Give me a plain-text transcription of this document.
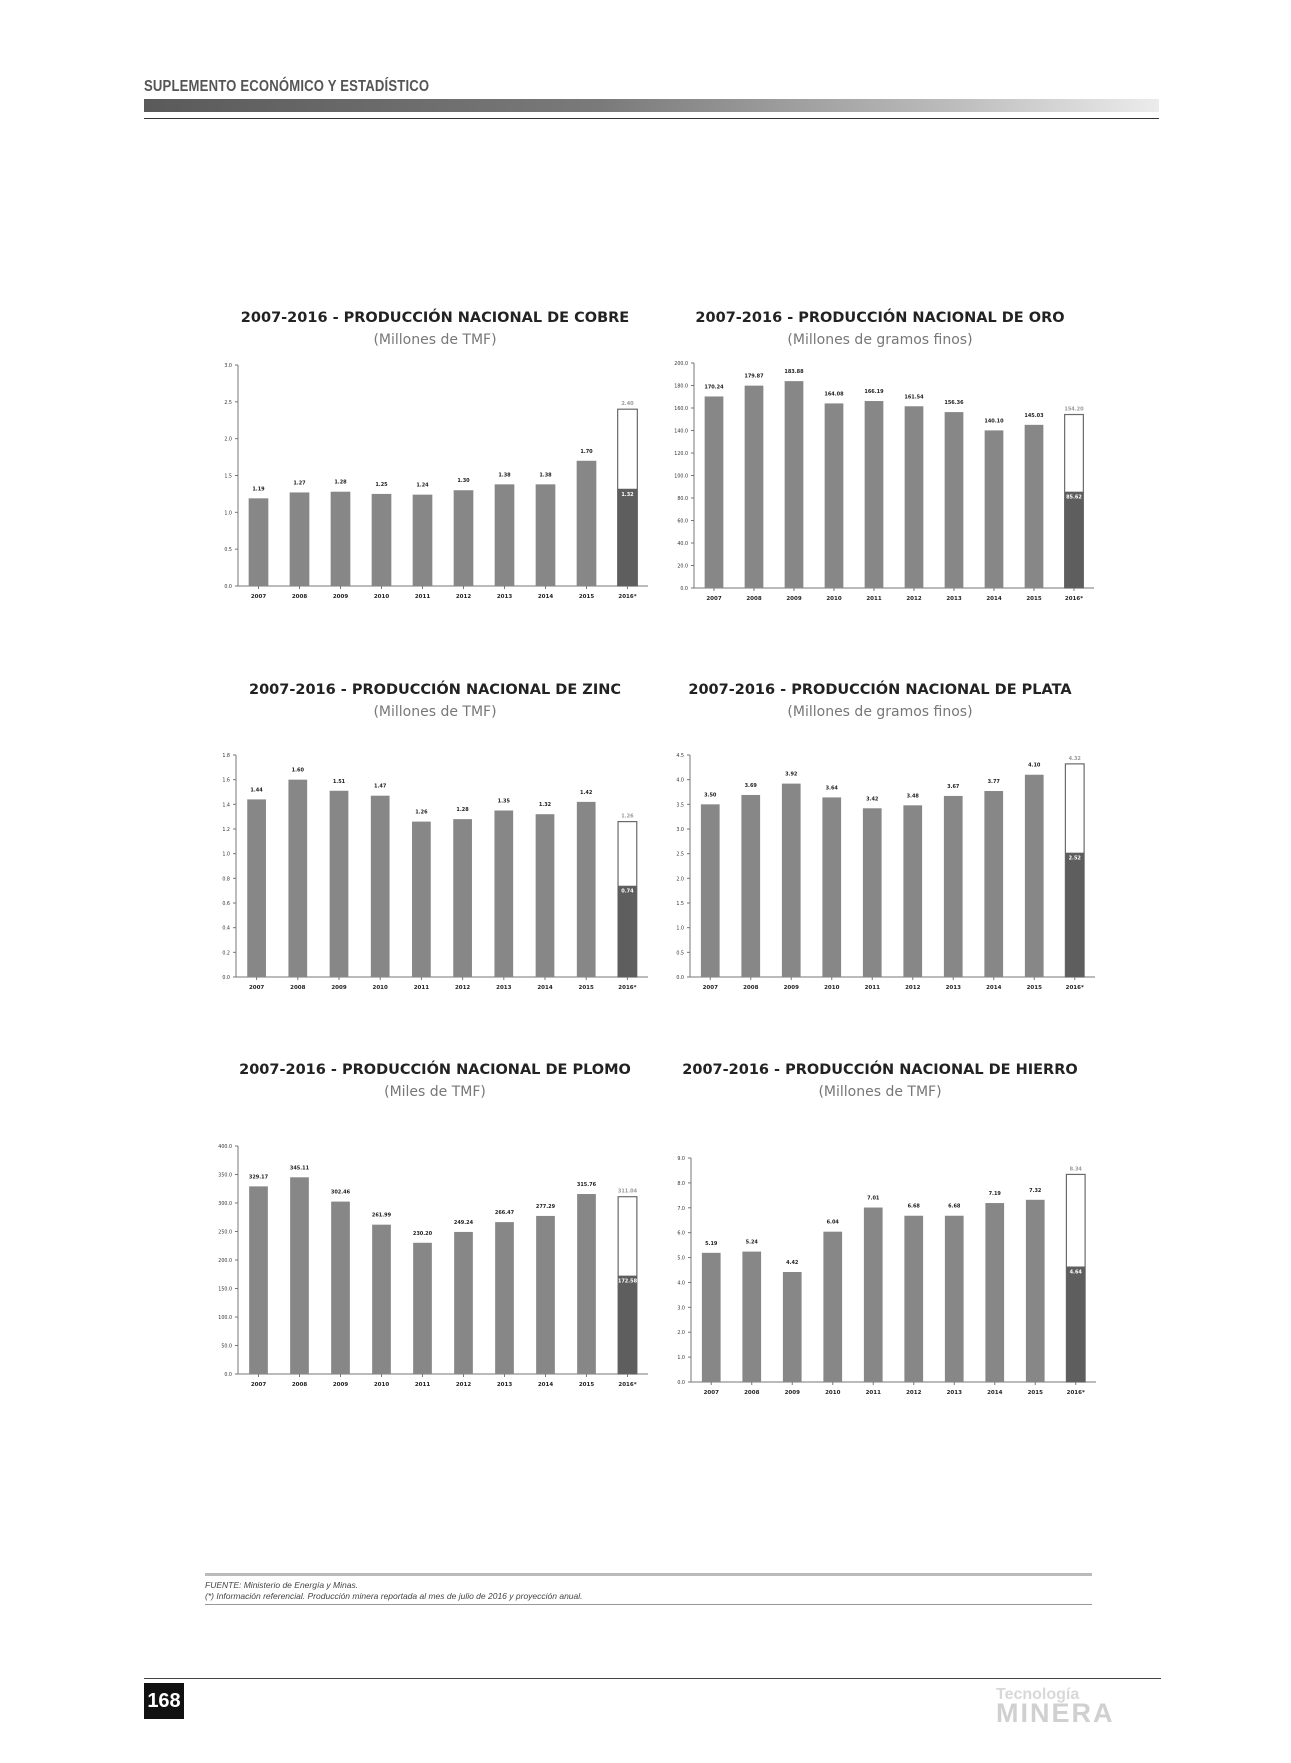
SUPLEMENTO ECONÓMICO Y ESTADÍSTICO
2007-2016 - PRODUCCIÓN NACIONAL DE COBRE
(Millones de TMF)
0.0
0.5
1.0
1.5
2.0
2.5
3.0
1.19
2007
1.27
2008
1.28
2009
1.25
2010
1.24
2011
1.30
2012
1.38
2013
1.38
2014
1.70
2015
1.32
2.40
2016*
2007-2016 - PRODUCCIÓN NACIONAL DE ORO
(Millones de gramos finos)
0.0
20.0
40.0
60.0
80.0
100.0
120.0
140.0
160.0
180.0
200.0
170.24
2007
179.87
2008
183.88
2009
164.08
2010
166.19
2011
161.54
2012
156.36
2013
140.10
2014
145.03
2015
85.62
154.20
2016*
2007-2016 - PRODUCCIÓN NACIONAL DE ZINC
(Millones de TMF)
0.0
0.2
0.4
0.6
0.8
1.0
1.2
1.4
1.6
1.8
1.44
2007
1.60
2008
1.51
2009
1.47
2010
1.26
2011
1.28
2012
1.35
2013
1.32
2014
1.42
2015
0.74
1.26
2016*
2007-2016 - PRODUCCIÓN NACIONAL DE PLATA
(Millones de gramos finos)
0.0
0.5
1.0
1.5
2.0
2.5
3.0
3.5
4.0
4.5
3.50
2007
3.69
2008
3.92
2009
3.64
2010
3.42
2011
3.48
2012
3.67
2013
3.77
2014
4.10
2015
2.52
4.32
2016*
2007-2016 - PRODUCCIÓN NACIONAL DE PLOMO
(Miles de TMF)
0.0
50.0
100.0
150.0
200.0
250.0
300.0
350.0
400.0
329.17
2007
345.11
2008
302.46
2009
261.99
2010
230.20
2011
249.24
2012
266.47
2013
277.29
2014
315.76
2015
172.58
311.04
2016*
2007-2016 - PRODUCCIÓN NACIONAL DE HIERRO
(Millones de TMF)
0.0
1.0
2.0
3.0
4.0
5.0
6.0
7.0
8.0
9.0
5.19
2007
5.24
2008
4.42
2009
6.04
2010
7.01
2011
6.68
2012
6.68
2013
7.19
2014
7.32
2015
4.64
8.34
2016*
FUENTE: Ministerio de Energía y Minas.
(*) Información referencial. Producción minera reportada al mes de julio de 2016 y proyección anual.
168	Tecnología
MINERA
